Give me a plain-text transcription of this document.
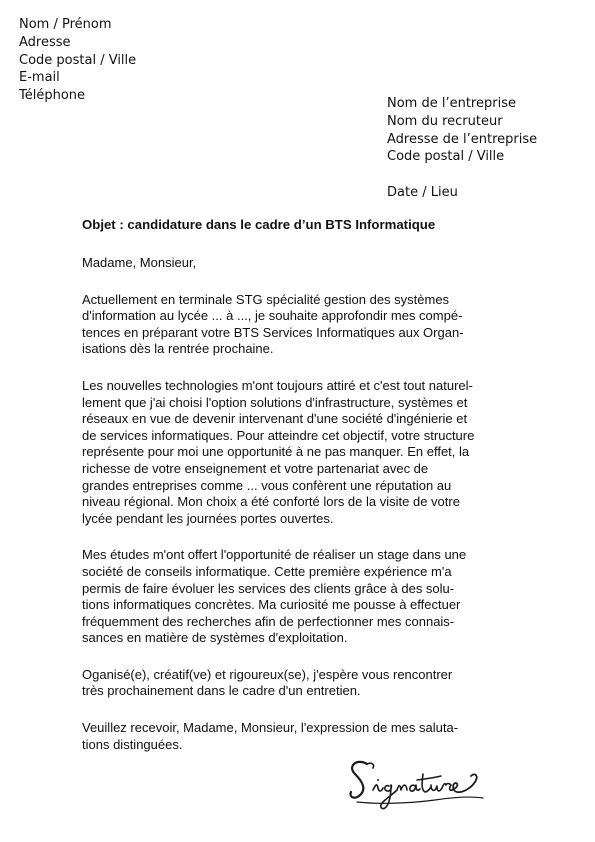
Nom / Prénom
Adresse
Code postal / Ville
E-mail
Téléphone
Nom de l’entreprise
Nom du recruteur
Adresse de l’entreprise
Code postal / Ville
Date / Lieu
Objet : candidature dans le cadre d’un BTS Informatique
Madame, Monsieur,
Actuellement en terminale STG spécialité gestion des systèmes
d'information au lycée ... à ..., je souhaite approfondir mes compé-
tences en préparant votre BTS Services Informatiques aux Organ-
isations dès la rentrée prochaine.
Les nouvelles technologies m'ont toujours attiré et c'est tout naturel-
lement que j'ai choisi l'option solutions d'infrastructure, systèmes et
réseaux en vue de devenir intervenant d'une société d'ingénierie et
de services informatiques. Pour atteindre cet objectif, votre structure
représente pour moi une opportunité à ne pas manquer. En effet, la
richesse de votre enseignement et votre partenariat avec de
grandes entreprises comme ... vous confèrent une réputation au
niveau régional. Mon choix a été conforté lors de la visite de votre
lycée pendant les journées portes ouvertes.
Mes études m'ont offert l'opportunité de réaliser un stage dans une
société de conseils informatique. Cette première expérience m'a
permis de faire évoluer les services des clients grâce à des solu-
tions informatiques concrètes. Ma curiosité me pousse à effectuer
fréquemment des recherches afin de perfectionner mes connais-
sances en matière de systèmes d'exploitation.
Oganisé(e), créatif(ve) et rigoureux(se), j'espère vous rencontrer
très prochainement dans le cadre d'un entretien.
Veuillez recevoir, Madame, Monsieur, l'expression de mes saluta-
tions distinguées.
